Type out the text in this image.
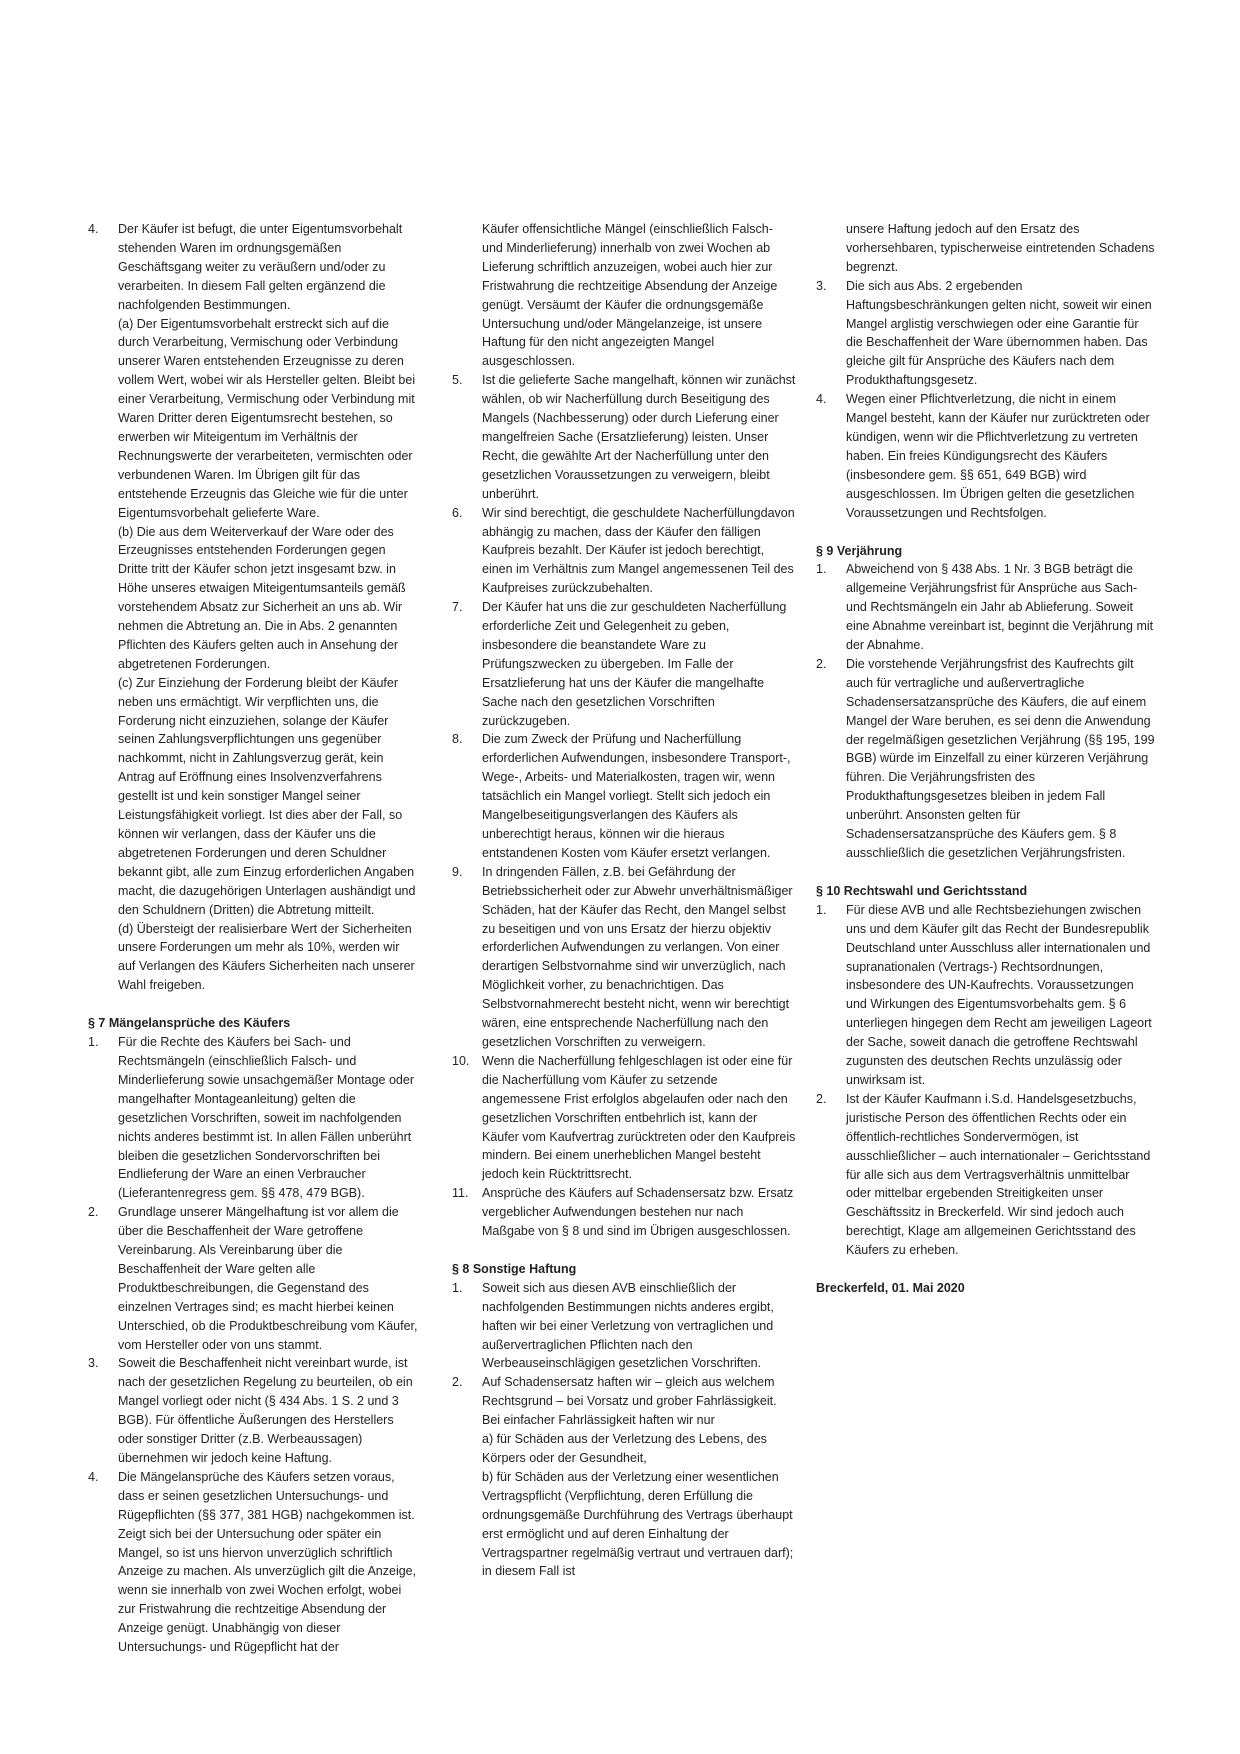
4. Der Käufer ist befugt, die unter Eigentumsvorbehalt stehenden Waren im ordnungsgemäßen Geschäftsgang weiter zu veräußern und/oder zu verarbeiten. In diesem Fall gelten ergänzend die nachfolgenden Bestimmungen.

(a) Der Eigentumsvorbehalt erstreckt sich auf die durch Verarbeitung, Vermischung oder Verbindung unserer Waren entstehenden Erzeugnisse zu deren vollem Wert, wobei wir als Hersteller gelten. Bleibt bei einer Verarbeitung, Vermischung oder Verbindung mit Waren Dritter deren Eigentumsrecht bestehen, so erwerben wir Miteigentum im Verhältnis der Rechnungswerte der verarbeiteten, vermischten oder verbundenen Waren. Im Übrigen gilt für das entstehende Erzeugnis das Gleiche wie für die unter Eigentumsvorbehalt gelieferte Ware.

(b) Die aus dem Weiterverkauf der Ware oder des Erzeugnisses entstehenden Forderungen gegen Dritte tritt der Käufer schon jetzt insgesamt bzw. in Höhe unseres etwaigen Miteigentumsanteils gemäß vorstehendem Absatz zur Sicherheit an uns ab. Wir nehmen die Abtretung an. Die in Abs. 2 genannten Pflichten des Käufers gelten auch in Ansehung der abgetretenen Forderungen.

(c) Zur Einziehung der Forderung bleibt der Käufer neben uns ermächtigt. Wir verpflichten uns, die Forderung nicht einzuziehen, solange der Käufer seinen Zahlungsverpflichtungen uns gegenüber nachkommt, nicht in Zahlungsverzug gerät, kein Antrag auf Eröffnung eines Insolvenzverfahrens gestellt ist und kein sonstiger Mangel seiner Leistungsfähigkeit vorliegt. Ist dies aber der Fall, so können wir verlangen, dass der Käufer uns die abgetretenen Forderungen und deren Schuldner bekannt gibt, alle zum Einzug erforderlichen Angaben macht, die dazugehörigen Unterlagen aushändigt und den Schuldnern (Dritten) die Abtretung mitteilt.

(d) Übersteigt der realisierbare Wert der Sicherheiten unsere Forderungen um mehr als 10%, werden wir auf Verlangen des Käufers Sicherheiten nach unserer Wahl freigeben.

§ 7 Mängelansprüche des Käufers

1. Für die Rechte des Käufers bei Sach- und Rechtsmängeln (einschließlich Falsch- und Minderlieferung sowie unsachgemäßer Montage oder mangelhafter Montageanleitung) gelten die gesetzlichen Vorschriften, soweit im nachfolgenden nichts anderes bestimmt ist. In allen Fällen unberührt bleiben die gesetzlichen Sondervorschriften bei Endlieferung der Ware an einen Verbraucher (Lieferantenregress gem. §§ 478, 479 BGB).

2. Grundlage unserer Mängelhaftung ist vor allem die über die Beschaffenheit der Ware getroffene Vereinbarung. Als Vereinbarung über die Beschaffenheit der Ware gelten alle Produktbeschreibungen, die Gegenstand des einzelnen Vertrages sind; es macht hierbei keinen Unterschied, ob die Produktbeschreibung vom Käufer, vom Hersteller oder von uns stammt.

3. Soweit die Beschaffenheit nicht vereinbart wurde, ist nach der gesetzlichen Regelung zu beurteilen, ob ein Mangel vorliegt oder nicht (§ 434 Abs. 1 S. 2 und 3 BGB). Für öffentliche Äußerungen des Herstellers oder sonstiger Dritter (z.B. Werbeaussagen) übernehmen wir jedoch keine Haftung.

4. Die Mängelansprüche des Käufers setzen voraus, dass er seinen gesetzlichen Untersuchungs- und Rügepflichten (§§ 377, 381 HGB) nachgekommen ist. Zeigt sich bei der Untersuchung oder später ein Mangel, so ist uns hiervon unverzüglich schriftlich Anzeige zu machen. Als unverzüglich gilt die Anzeige, wenn sie innerhalb von zwei Wochen erfolgt, wobei zur Fristwahrung die rechtzeitige Absendung der Anzeige genügt. Unabhängig von dieser Untersuchungs- und Rügepflicht hat der

Käufer offensichtliche Mängel (einschließlich Falsch- und Minderlieferung) innerhalb von zwei Wochen ab Lieferung schriftlich anzuzeigen, wobei auch hier zur Fristwahrung die rechtzeitige Absendung der Anzeige genügt. Versäumt der Käufer die ordnungsgemäße Untersuchung und/oder Mängelanzeige, ist unsere Haftung für den nicht angezeigten Mangel ausgeschlossen.

5. Ist die gelieferte Sache mangelhaft, können wir zunächst wählen, ob wir Nacherfüllung durch Beseitigung des Mangels (Nachbesserung) oder durch Lieferung einer mangelfreien Sache (Ersatzlieferung) leisten. Unser Recht, die gewählte Art der Nacherfüllung unter den gesetzlichen Voraussetzungen zu verweigern, bleibt unberührt.

6. Wir sind berechtigt, die geschuldete Nacherfüllungdavon abhängig zu machen, dass der Käufer den fälligen Kaufpreis bezahlt. Der Käufer ist jedoch berechtigt, einen im Verhältnis zum Mangel angemessenen Teil des Kaufpreises zurückzubehalten.

7. Der Käufer hat uns die zur geschuldeten Nacherfüllung erforderliche Zeit und Gelegenheit zu geben, insbesondere die beanstandete Ware zu Prüfungszwecken zu übergeben. Im Falle der Ersatzlieferung hat uns der Käufer die mangelhafte Sache nach den gesetzlichen Vorschriften zurückzugeben.

8. Die zum Zweck der Prüfung und Nacherfüllung erforderlichen Aufwendungen, insbesondere Transport-, Wege-, Arbeits- und Materialkosten, tragen wir, wenn tatsächlich ein Mangel vorliegt. Stellt sich jedoch ein Mangelbeseitigungsverlangen des Käufers als unberechtigt heraus, können wir die hieraus entstandenen Kosten vom Käufer ersetzt verlangen.

9. In dringenden Fällen, z.B. bei Gefährdung der Betriebssicherheit oder zur Abwehr unverhältnismäßiger Schäden, hat der Käufer das Recht, den Mangel selbst zu beseitigen und von uns Ersatz der hierzu objektiv erforderlichen Aufwendungen zu verlangen. Von einer derartigen Selbstvornahme sind wir unverzüglich, nach Möglichkeit vorher, zu benachrichtigen. Das Selbstvornahmerecht besteht nicht, wenn wir berechtigt wären, eine entsprechende Nacherfüllung nach den gesetzlichen Vorschriften zu verweigern.

10. Wenn die Nacherfüllung fehlgeschlagen ist oder eine für die Nacherfüllung vom Käufer zu setzende angemessene Frist erfolglos abgelaufen oder nach den gesetzlichen Vorschriften entbehrlich ist, kann der Käufer vom Kaufvertrag zurücktreten oder den Kaufpreis mindern. Bei einem unerheblichen Mangel besteht jedoch kein Rücktrittsrecht.

11. Ansprüche des Käufers auf Schadensersatz bzw. Ersatz vergeblicher Aufwendungen bestehen nur nach Maßgabe von § 8 und sind im Übrigen ausgeschlossen.

§ 8 Sonstige Haftung

1. Soweit sich aus diesen AVB einschließlich der nachfolgenden Bestimmungen nichts anderes ergibt, haften wir bei einer Verletzung von vertraglichen und außervertraglichen Pflichten nach den Werbeauseinschlägigen gesetzlichen Vorschriften.

2. Auf Schadensersatz haften wir – gleich aus welchem Rechtsgrund – bei Vorsatz und grober Fahrlässigkeit. Bei einfacher Fahrlässigkeit haften wir nur

a) für Schäden aus der Verletzung des Lebens, des Körpers oder der Gesundheit,

b) für Schäden aus der Verletzung einer wesentlichen Vertragspflicht (Verpflichtung, deren Erfüllung die ordnungsgemäße Durchführung des Vertrags überhaupt erst ermöglicht und auf deren Einhaltung der Vertragspartner regelmäßig vertraut und vertrauen darf); in diesem Fall ist

unsere Haftung jedoch auf den Ersatz des vorhersehbaren, typischerweise eintretenden Schadens begrenzt.

3. Die sich aus Abs. 2 ergebenden Haftungsbeschränkungen gelten nicht, soweit wir einen Mangel arglistig verschwiegen oder eine Garantie für die Beschaffenheit der Ware übernommen haben. Das gleiche gilt für Ansprüche des Käufers nach dem Produkthaftungsgesetz.

4. Wegen einer Pflichtverletzung, die nicht in einem Mangel besteht, kann der Käufer nur zurücktreten oder kündigen, wenn wir die Pflichtverletzung zu vertreten haben. Ein freies Kündigungsrecht des Käufers (insbesondere gem. §§ 651, 649 BGB) wird ausgeschlossen. Im Übrigen gelten die gesetzlichen Voraussetzungen und Rechtsfolgen.

§ 9 Verjährung

1. Abweichend von § 438 Abs. 1 Nr. 3 BGB beträgt die allgemeine Verjährungsfrist für Ansprüche aus Sach- und Rechtsmängeln ein Jahr ab Ablieferung. Soweit eine Abnahme vereinbart ist, beginnt die Verjährung mit der Abnahme.

2. Die vorstehende Verjährungsfrist des Kaufrechts gilt auch für vertragliche und außervertragliche Schadensersatzansprüche des Käufers, die auf einem Mangel der Ware beruhen, es sei denn die Anwendung der regelmäßigen gesetzlichen Verjährung (§§ 195, 199 BGB) würde im Einzelfall zu einer kürzeren Verjährung führen. Die Verjährungsfristen des Produkthaftungsgesetzes bleiben in jedem Fall unberührt. Ansonsten gelten für Schadensersatzansprüche des Käufers gem. § 8 ausschließlich die gesetzlichen Verjährungsfristen.

§ 10 Rechtswahl und Gerichtsstand

1. Für diese AVB und alle Rechtsbeziehungen zwischen uns und dem Käufer gilt das Recht der Bundesrepublik Deutschland unter Ausschluss aller internationalen und supranationalen (Vertrags-) Rechtsordnungen, insbesondere des UN-Kaufrechts. Voraussetzungen und Wirkungen des Eigentumsvorbehalts gem. § 6 unterliegen hingegen dem Recht am jeweiligen Lageort der Sache, soweit danach die getroffene Rechtswahl zugunsten des deutschen Rechts unzulässig oder unwirksam ist.

2. Ist der Käufer Kaufmann i.S.d. Handelsgesetzbuchs, juristische Person des öffentlichen Rechts oder ein öffentlich-rechtliches Sondervermögen, ist ausschließlicher – auch internationaler – Gerichtsstand für alle sich aus dem Vertragsverhältnis unmittelbar oder mittelbar ergebenden Streitigkeiten unser Geschäftssitz in Breckerfeld. Wir sind jedoch auch berechtigt, Klage am allgemeinen Gerichtsstand des Käufers zu erheben.

Breckerfeld, 01. Mai 2020
